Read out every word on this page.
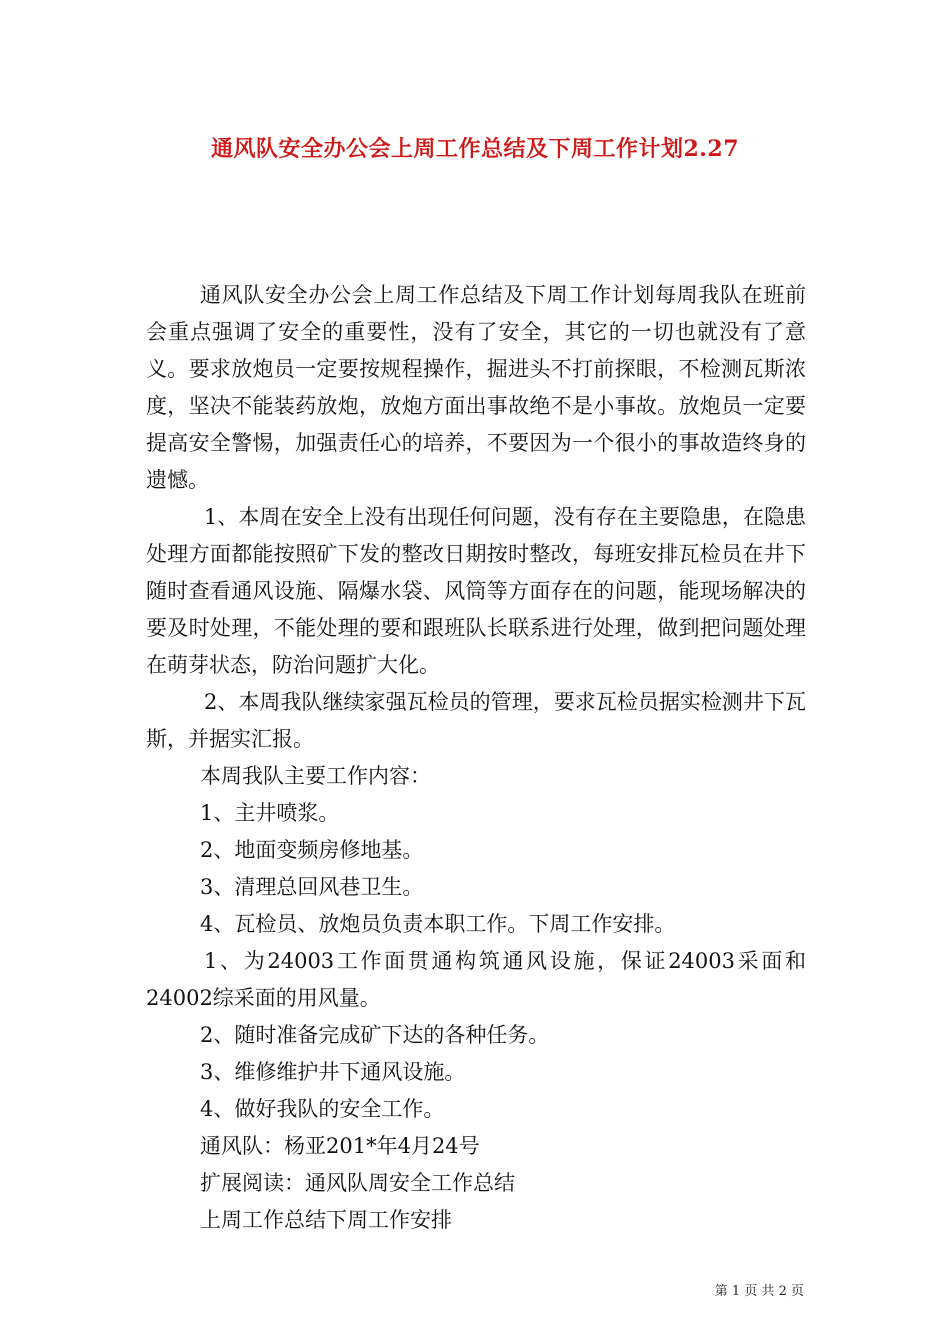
通风队安全办公会上周工作总结及下周工作计划2.27

通风队安全办公会上周工作总结及下周工作计划每周我队在班前会重点强调了安全的重要性，没有了安全，其它的一切也就没有了意义。要求放炮员一定要按规程操作，掘进头不打前探眼，不检测瓦斯浓度，坚决不能装药放炮，放炮方面出事故绝不是小事故。放炮员一定要提高安全警惕，加强责任心的培养，不要因为一个很小的事故造终身的遗憾。

1、本周在安全上没有出现任何问题，没有存在主要隐患，在隐患处理方面都能按照矿下发的整改日期按时整改，每班安排瓦检员在井下随时查看通风设施、隔爆水袋、风筒等方面存在的问题，能现场解决的要及时处理，不能处理的要和跟班队长联系进行处理，做到把问题处理在萌芽状态，防治问题扩大化。

2、本周我队继续家强瓦检员的管理，要求瓦检员据实检测井下瓦斯，并据实汇报。

本周我队主要工作内容：

1、主井喷浆。

2、地面变频房修地基。

3、清理总回风巷卫生。

4、瓦检员、放炮员负责本职工作。下周工作安排。

1、为24003工作面贯通构筑通风设施，保证24003采面和24002综采面的用风量。

2、随时准备完成矿下达的各种任务。

3、维修维护井下通风设施。

4、做好我队的安全工作。

通风队：杨亚201*年4月24号

扩展阅读：通风队周安全工作总结

上周工作总结下周工作安排

第 1 页 共 2 页
